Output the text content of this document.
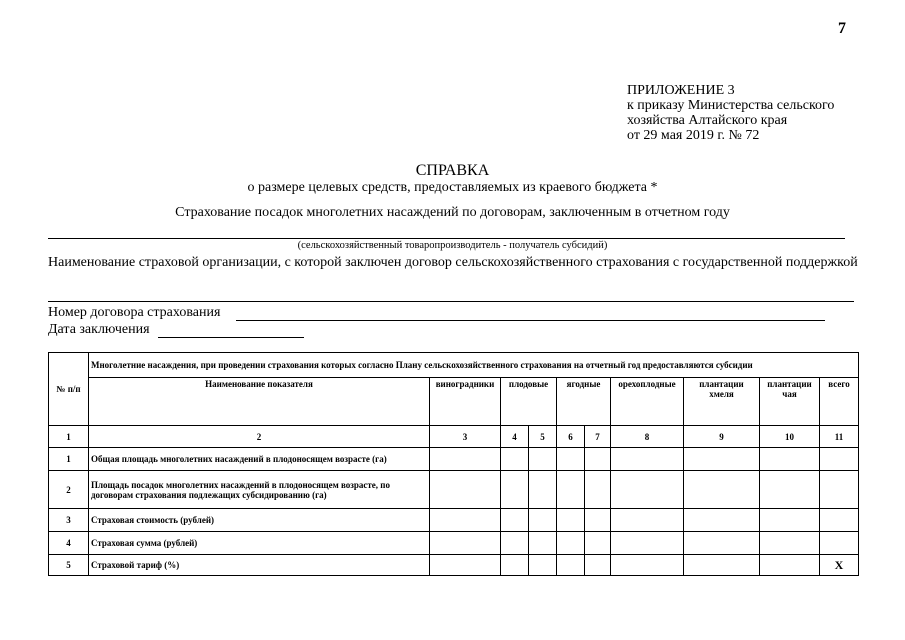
7
ПРИЛОЖЕНИЕ 3
к приказу Министерства сельского
хозяйства Алтайского края
от 29 мая 2019 г. № 72
СПРАВКА
о размере целевых средств, предоставляемых из краевого бюджета *
Страхование посадок многолетних насаждений по договорам, заключенным в отчетном году
(сельскохозяйственный товаропроизводитель - получатель субсидий)
Наименование страховой организации, с которой заключен договор сельскохозяйственного страхования с государственной поддержкой
Номер договора страхования
Дата заключения
№ п/п	Многолетние насаждения, при проведении страхования которых согласно Плану сельскохозяйственного страхования на отчетный год предоставляются субсидии									
	Наименование показателя	виноградники	плодовые		ягодные		орехоплодные	плантации хмеля	плантации чая	всего
1	2	3	4	5	6	7	8	9	10	11
1	Общая площадь многолетних насаждений в плодоносящем возрасте (га)									
2	Площадь посадок многолетних насаждений в плодоносящем возрасте, по договорам страхования подлежащих субсидированию (га)									
3	Страховая стоимость (рублей)									
4	Страховая сумма (рублей)									
5	Страховой тариф (%)									Х
